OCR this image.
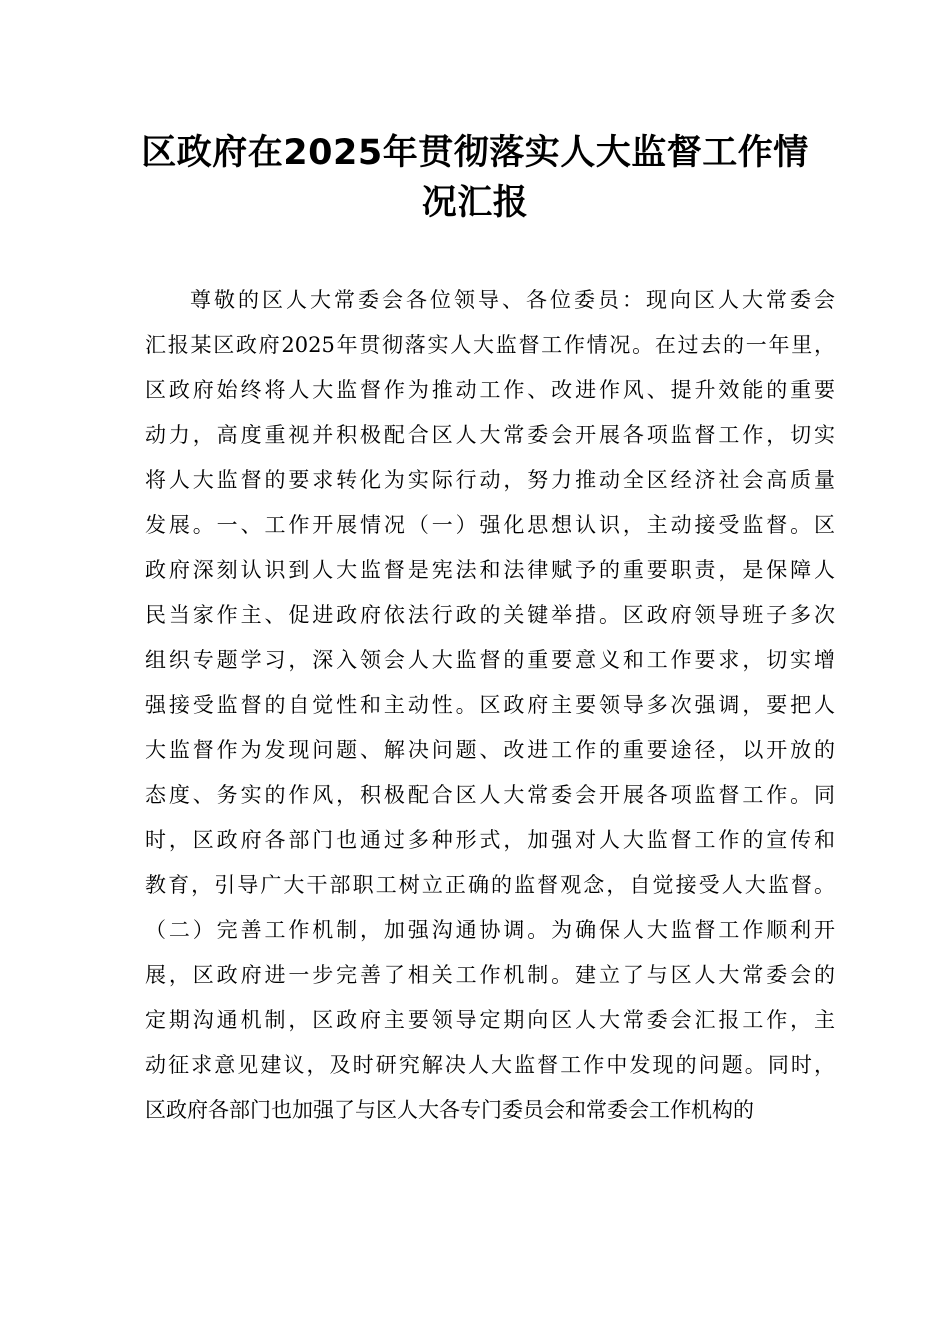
区政府在2025年贯彻落实人大监督工作情
况汇报
尊敬的区人大常委会各位领导、各位委员：现向区人大常委会
汇报某区政府2025年贯彻落实人大监督工作情况。在过去的一年里，
区政府始终将人大监督作为推动工作、改进作风、提升效能的重要
动力，高度重视并积极配合区人大常委会开展各项监督工作，切实
将人大监督的要求转化为实际行动，努力推动全区经济社会高质量
发展。一、工作开展情况（一）强化思想认识，主动接受监督。区
政府深刻认识到人大监督是宪法和法律赋予的重要职责，是保障人
民当家作主、促进政府依法行政的关键举措。区政府领导班子多次
组织专题学习，深入领会人大监督的重要意义和工作要求，切实增
强接受监督的自觉性和主动性。区政府主要领导多次强调，要把人
大监督作为发现问题、解决问题、改进工作的重要途径，以开放的
态度、务实的作风，积极配合区人大常委会开展各项监督工作。同
时，区政府各部门也通过多种形式，加强对人大监督工作的宣传和
教育，引导广大干部职工树立正确的监督观念，自觉接受人大监督。
（二）完善工作机制，加强沟通协调。为确保人大监督工作顺利开
展，区政府进一步完善了相关工作机制。建立了与区人大常委会的
定期沟通机制，区政府主要领导定期向区人大常委会汇报工作，主
动征求意见建议，及时研究解决人大监督工作中发现的问题。同时，
区政府各部门也加强了与区人大各专门委员会和常委会工作机构的
